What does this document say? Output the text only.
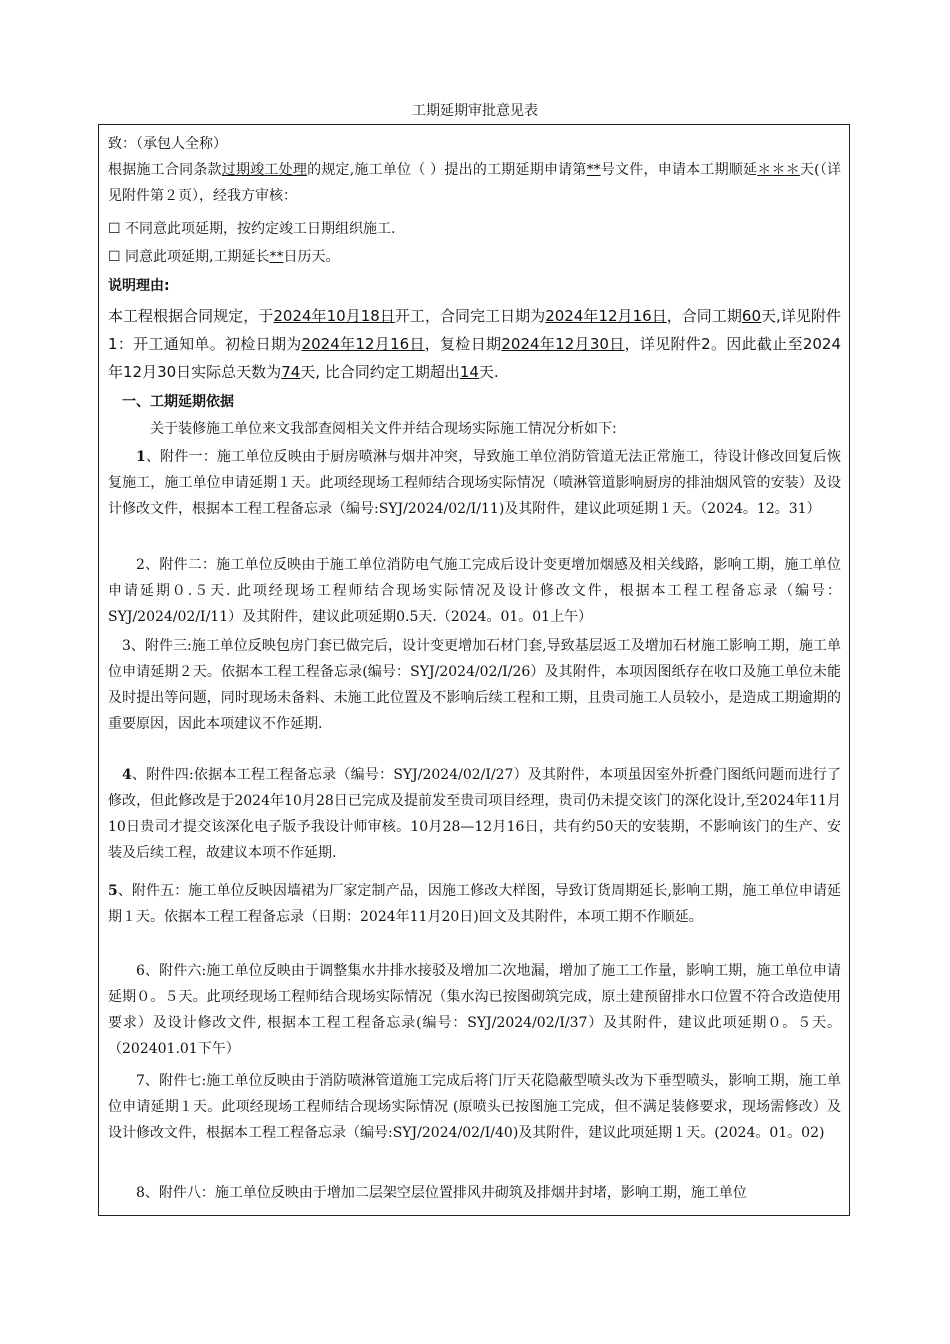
工期延期审批意见表
致：（承包人全称）
根据施工合同条款过期竣工处理的规定,施工单位（ ）提出的工期延期申请第**号文件，申请本工期顺延＊＊＊天(（详见附件第２页），经我方审核：
☐ 不同意此项延期，按约定竣工日期组织施工.
☐ 同意此项延期,工期延长**日历天。
说明理由:
本工程根据合同规定，于2024年10月18日开工，合同完工日期为2024年12月16日，合同工期60天,详见附件1：开工通知单。初检日期为2024年12月16日，复检日期2024年12月30日，详见附件2。因此截止至2024年12月30日实际总天数为74天, 比合同约定工期超出14天.
一、工期延期依据
关于装修施工单位来文我部查阅相关文件并结合现场实际施工情况分析如下:
1、附件一：施工单位反映由于厨房喷淋与烟井冲突，导致施工单位消防管道无法正常施工，待设计修改回复后恢复施工，施工单位申请延期１天。此项经现场工程师结合现场实际情况（喷淋管道影响厨房的排油烟风管的安装）及设计修改文件，根据本工程工程备忘录（编号:SYJ/2024/02/I/11)及其附件，建议此项延期１天。（2024。12。31）
2、附件二：施工单位反映由于施工单位消防电气施工完成后设计变更增加烟感及相关线路，影响工期，施工单位申请延期０.５天. 此项经现场工程师结合现场实际情况及设计修改文件，根据本工程工程备忘录（编号：SYJ/2024/02/I/11）及其附件，建议此项延期0.5天.（2024。01。01上午）
3、附件三:施工单位反映包房门套已做完后，设计变更增加石材门套,导致基层返工及增加石材施工影响工期，施工单位申请延期２天。依据本工程工程备忘录(编号：SYJ/2024/02/I/26）及其附件，本项因图纸存在收口及施工单位未能及时提出等问题，同时现场未备料、未施工此位置及不影响后续工程和工期，且贵司施工人员较小，是造成工期逾期的重要原因，因此本项建议不作延期.
4、附件四:依据本工程工程备忘录（编号：SYJ/2024/02/I/27）及其附件，本项虽因室外折叠门图纸问题而进行了修改，但此修改是于2024年10月28日已完成及提前发至贵司项目经理，贵司仍未提交该门的深化设计,至2024年11月10日贵司才提交该深化电子版予我设计师审核。10月28—12月16日，共有约50天的安装期，不影响该门的生产、安装及后续工程，故建议本项不作延期.
5、附件五：施工单位反映因墙裙为厂家定制产品，因施工修改大样图，导致订货周期延长,影响工期，施工单位申请延期１天。依据本工程工程备忘录（日期：2024年11月20日)回文及其附件，本项工期不作顺延。
6、附件六:施工单位反映由于调整集水井排水接驳及增加二次地漏，增加了施工工作量，影响工期，施工单位申请延期０。５天。此项经现场工程师结合现场实际情况（集水沟已按图砌筑完成，原土建预留排水口位置不符合改造使用要求）及设计修改文件, 根据本工程工程备忘录(编号：SYJ/2024/02/I/37）及其附件，建议此项延期０。５天。（202401.01下午）
7、附件七:施工单位反映由于消防喷淋管道施工完成后将门厅天花隐蔽型喷头改为下垂型喷头，影响工期，施工单位申请延期１天。此项经现场工程师结合现场实际情况 (原喷头已按图施工完成，但不满足装修要求，现场需修改）及设计修改文件，根据本工程工程备忘录（编号:SYJ/2024/02/I/40)及其附件，建议此项延期１天。(2024。01。02)
8、附件八：施工单位反映由于增加二层架空层位置排风井砌筑及排烟井封堵，影响工期，施工单位
